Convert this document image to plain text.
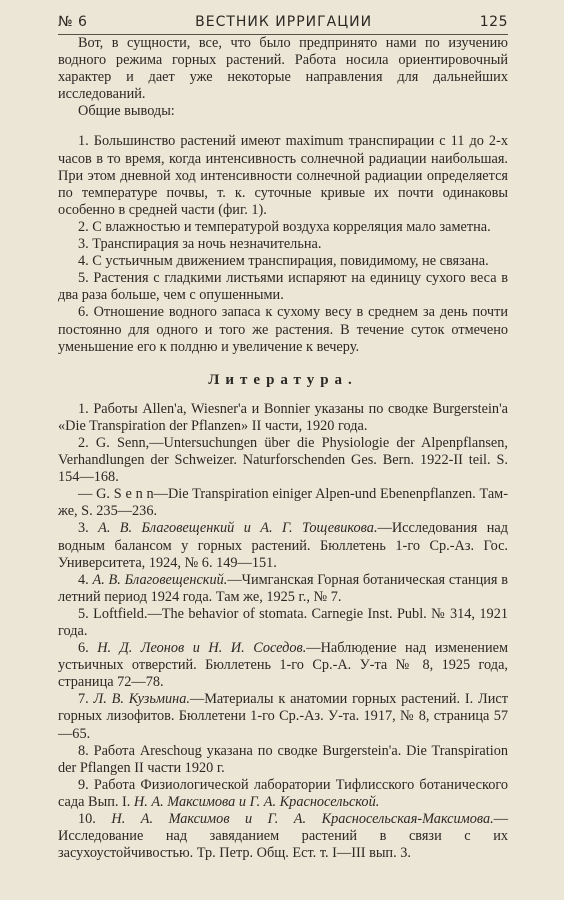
№ 6	ВЕСТНИК ИРРИГАЦИИ	125

Вот, в сущности, все, что было предпринято нами по изучению водного режима горных растений. Работа носила ориентировочный характер и дает уже некоторые направления для дальнейших исследований.

Общие выводы:

1. Большинство растений имеют maximum транспирации с 11 до 2-х часов в то время, когда интенсивность солнечной радиации наибольшая. При этом дневной ход интенсивности солнечной радиации определяется по температуре почвы, т. к. суточные кривые их почти одинаковы особенно в средней части (фиг. 1).

2. С влажностью и температурой воздуха корреляция мало заметна.

3. Транспирация за ночь незначительна.

4. С устьичным движением транспирация, повидимому, не связана.

5. Растения с гладкими листьями испаряют на единицу сухого веса в два раза больше, чем с опушенными.

6. Отношение водного запаса к сухому весу в среднем за день почти постоянно для одного и того же растения. В течение суток отмечено уменьшение его к полдню и увеличение к вечеру.

Литература.

1. Работы Allen'a, Wiesner'a и Bonnier указаны по сводке Burgerstein'a «Die Transpiration der Pflanzen» II части, 1920 года.

2. G. Senn,—Untersuchungen über die Physiologie der Alpenpflansen, Verhandlungen der Schweizer. Naturforschenden Ges. Bern. 1922-II teil. S. 154—168.

— G. S e n n—Die Transpiration einiger Alpen-und Ebenenpflanzen. Там-же, S. 235—236.

3. А. В. Благовещенкий и А. Г. Тощевикова.—Исследования над водным балансом у горных растений. Бюллетень 1-го Ср.-Аз. Гос. Университета, 1924, № 6. 149—151.

4. А. В. Благовещенский.—Чимганская Горная ботаническая станция в летний период 1924 года. Там же, 1925 г., № 7.

5. Loftfield.—The behavior of stomata. Carnegie Inst. Publ. № 314, 1921 года.

6. Н. Д. Леонов и Н. И. Соседов.—Наблюдение над изменением устьичных отверстий. Бюллетень 1-го Ср.-А. У-та № 8, 1925 года, страница 72—78.

7. Л. В. Кузьмина.—Материалы к анатомии горных растений. I. Лист горных лизофитов. Бюллетени 1-го Ср.-Аз. У-та. 1917, № 8, страница 57—65.

8. Работа Areschoug указана по сводке Burgerstein'a. Die Transpiration der Pflangen II части 1920 г.

9. Работа Физиологической лаборатории Тифлисского ботанического сада Вып. I. Н. А. Максимова и Г. А. Красносельской.

10. Н. А. Максимов и Г. А. Красносельская-Максимова.—Исследование над завяданием растений в связи с их засухоустойчивостью. Тр. Петр. Общ. Ест. т. I—III вып. 3.
